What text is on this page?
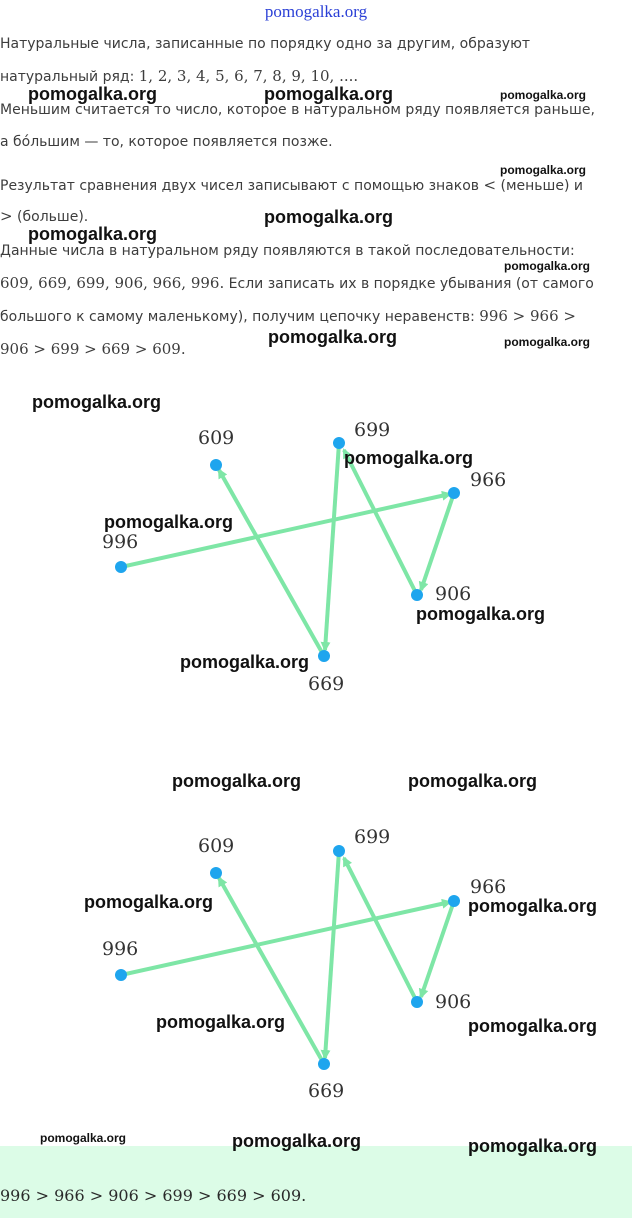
pomogalka.org

Натуральные числа, записанные по порядку одно за другим, образуют

натуральный ряд: 1, 2, 3, 4, 5, 6, 7, 8, 9, 10, ....

Меньшим считается то число, которое в натуральном ряду появляется раньше,

а бо́льшим — то, которое появляется позже.

Результат сравнения двух чисел записывают с помощью знаков < (меньше) и

> (больше).

Данные числа в натуральном ряду появляются в такой последовательности:

609, 669, 699, 906, 966, 996. Если записать их в порядке убывания (от самого

большого к самому маленькому), получим цепочку неравенств: 996 > 966 >

906 > 699 > 669 > 609.

609	699
966
996
906
669
609	699
966
996
906
669
996 > 966 > 906 > 699 > 669 > 609.
pomogalka.org	pomogalka.org	pomogalka.org
pomogalka.org
pomogalka.org
pomogalka.org
pomogalka.org
pomogalka.org	pomogalka.org
pomogalka.org
pomogalka.org
pomogalka.org
pomogalka.org
pomogalka.org
pomogalka.org	pomogalka.org
pomogalka.org	pomogalka.org
pomogalka.org	pomogalka.org
pomogalka.org	pomogalka.org	pomogalka.org
